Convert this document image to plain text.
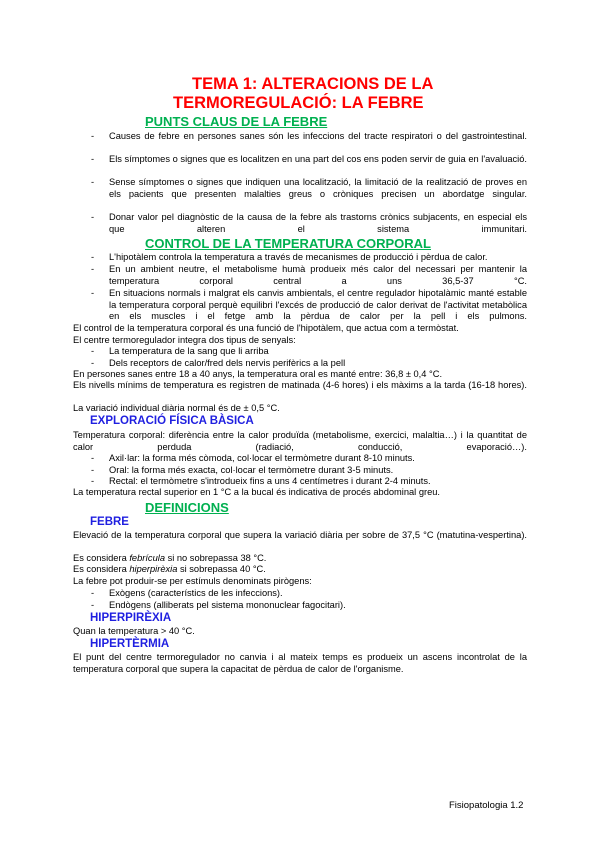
TEMA 1: ALTERACIONS DE LA
TERMOREGULACIÓ: LA FEBRE
PUNTS CLAUS DE LA FEBRE
- Causes de febre en persones sanes són les infeccions del tracte respiratori o del gastrointestinal.
- Els símptomes o signes que es localitzen en una part del cos ens poden servir de guia en l'avaluació.
- Sense símptomes o signes que indiquen una localització, la limitació de la realització de proves en els pacients que presenten malalties greus o cròniques precisen un abordatge singular.
- Donar valor pel diagnòstic de la causa de la febre als trastorns crònics subjacents, en especial els que alteren el sistema immunitari.
CONTROL DE LA TEMPERATURA CORPORAL
- L'hipotàlem controla la temperatura a través de mecanismes de producció i pèrdua de calor.
- En un ambient neutre, el metabolisme humà produeix més calor del necessari per mantenir la temperatura corporal central a uns 36,5-37 °C.
- En situacions normals i malgrat els canvis ambientals, el centre regulador hipotalàmic manté estable la temperatura corporal perquè equilibri l'excés de producció de calor derivat de l'activitat metabòlica en els muscles i el fetge amb la pèrdua de calor per la pell i els pulmons.
El control de la temperatura corporal és una funció de l'hipotàlem, que actua com a termòstat.
El centre termoregulador integra dos tipus de senyals:
- La temperatura de la sang que li arriba
- Dels receptors de calor/fred dels nervis perifèrics a la pell
En persones sanes entre 18 a 40 anys, la temperatura oral es manté entre: 36,8 ± 0,4 °C.
Els nivells mínims de temperatura es registren de matinada (4-6 hores) i els màxims a la tarda (16-18 hores).
La variació individual diària normal és de ± 0,5 °C.
EXPLORACIÓ FÍSICA BÀSICA
Temperatura corporal: diferència entre la calor produïda (metabolisme, exercici, malaltia…) i la quantitat de calor perduda (radiació, conducció, evaporació…).
- Axil·lar: la forma més còmoda, col·locar el termòmetre durant 8-10 minuts.
- Oral: la forma més exacta, col·locar el termòmetre durant 3-5 minuts.
- Rectal: el termòmetre s'introdueix fins a uns 4 centímetres i durant 2-4 minuts.
La temperatura rectal superior en 1 °C a la bucal és indicativa de procés abdominal greu.
DEFINICIONS
FEBRE
Elevació de la temperatura corporal que supera la variació diària per sobre de 37,5 °C (matutina-vespertina).
Es considera febrícula si no sobrepassa 38 °C.
Es considera hiperpirèxia si sobrepassa 40 °C.
La febre pot produir-se per estímuls denominats pirògens:
- Exògens (característics de les infeccions).
- Endògens (alliberats pel sistema mononuclear fagocitari).
HIPERPIRÈXIA
Quan la temperatura > 40 °C.
HIPERTÈRMIA
El punt del centre termoregulador no canvia i al mateix temps es produeix un ascens incontrolat de la temperatura corporal que supera la capacitat de pèrdua de calor de l'organisme.
Fisiopatologia 1.2
